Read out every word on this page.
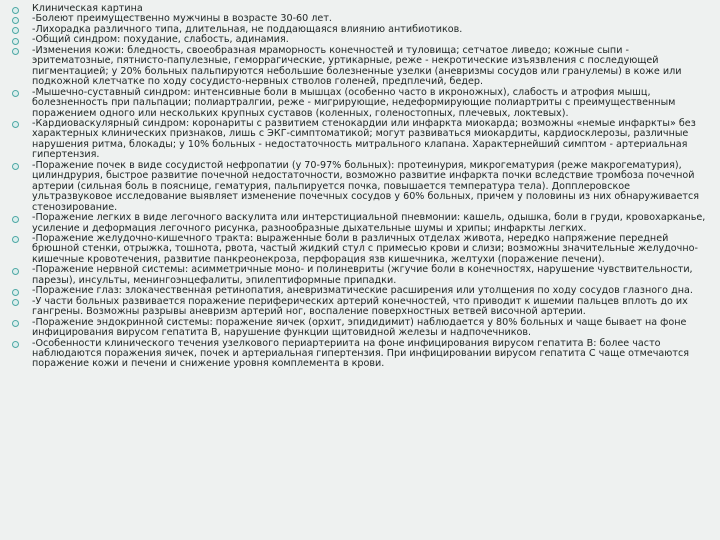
Клиническая картина
-Болеют преимущественно мужчины в возрасте 30-60 лет.
-Лихорадка различного типа, длительная, не поддающаяся влиянию антибиотиков.
-Общий синдром: похудание, слабость, адинамия.
-Изменения кожи: бледность, своеобразная мраморность конечностей и туловища; сетчатое ливедо; кожные сыпи - эритематозные, пятнисто-папулезные, геморрагические, уртикарные, реже - некротические изъязвления с последующей пигментацией; у 20% больных пальпируются небольшие болезненные узелки (аневризмы сосудов или гранулемы) в коже или подкожной клетчатке по ходу сосудисто-нервных стволов голеней, предплечий, бедер.
-Мышечно-суставный синдром: интенсивные боли в мышцах (особенно часто в икроножных), слабость и атрофия мышц, болезненность при пальпации; полиартралгии, реже - мигрирующие, недеформирующие полиартриты с преимущественным поражением одного или нескольких крупных суставов (коленных, голеностопных, плечевых, локтевых).
-Кардиоваскулярный синдром: коронариты с развитием стенокардии или инфаркта миокарда; возможны «немые инфаркты» без характерных клинических признаков, лишь с ЭКГ-симптоматикой; могут развиваться миокардиты, кардиосклерозы, различные нарушения ритма, блокады; у 10% больных - недостаточность митрального клапана. Характернейший симптом - артериальная гипертензия.
-Поражение почек в виде сосудистой нефропатии (у 70-97% больных): протеинурия, микрогематурия (реже макрогематурия), цилиндрурия, быстрое развитие почечной недостаточности, возможно развитие инфаркта почки вследствие тромбоза почечной артерии (сильная боль в пояснице, гематурия, пальпируется почка, повышается температура тела). Допплеровское ультразвуковое исследование выявляет изменение почечных сосудов у 60% больных, причем у половины из них обнаруживается стенозирование.
-Поражение легких в виде легочного васкулита или интерстициальной пневмонии: кашель, одышка, боли в груди, кровохарканье, усиление и деформация легочного рисунка, разнообразные дыхательные шумы и хрипы; инфаркты легких.
-Поражение желудочно-кишечного тракта: выраженные боли в различных отделах живота, нередко напряжение передней брюшной стенки, отрыжка, тошнота, рвота, частый жидкий стул с примесью крови и слизи; возможны значительные желудочно-кишечные кровотечения, развитие панкреонекроза, перфорация язв кишечника, желтухи (поражение печени).
-Поражение нервной системы: асимметричные моно- и полиневриты (жгучие боли в конечностях, нарушение чувствительности, парезы), инсульты, менингоэнцефалиты, эпилептиформные припадки.
-Поражение глаз: злокачественная ретинопатия, аневризматические расширения или утолщения по ходу сосудов глазного дна.
-У части больных развивается поражение периферических артерий конечностей, что приводит к ишемии пальцев вплоть до их гангрены. Возможны разрывы аневризм артерий ног, воспаление поверхностных ветвей височной артерии.
-Поражение эндокринной системы: поражение яичек (орхит, эпидидимит) наблюдается у 80% больных и чаще бывает на фоне инфицирования вирусом гепатита В, нарушение функции щитовидной железы и надпочечников.
-Особенности клинического течения узелкового периартериита на фоне инфицирования вирусом гепатита В: более часто наблюдаются поражения яичек, почек и артериальная гипертензия. При инфицировании вирусом гепатита С чаще отмечаются поражение кожи и печени и снижение уровня комплемента в крови.
